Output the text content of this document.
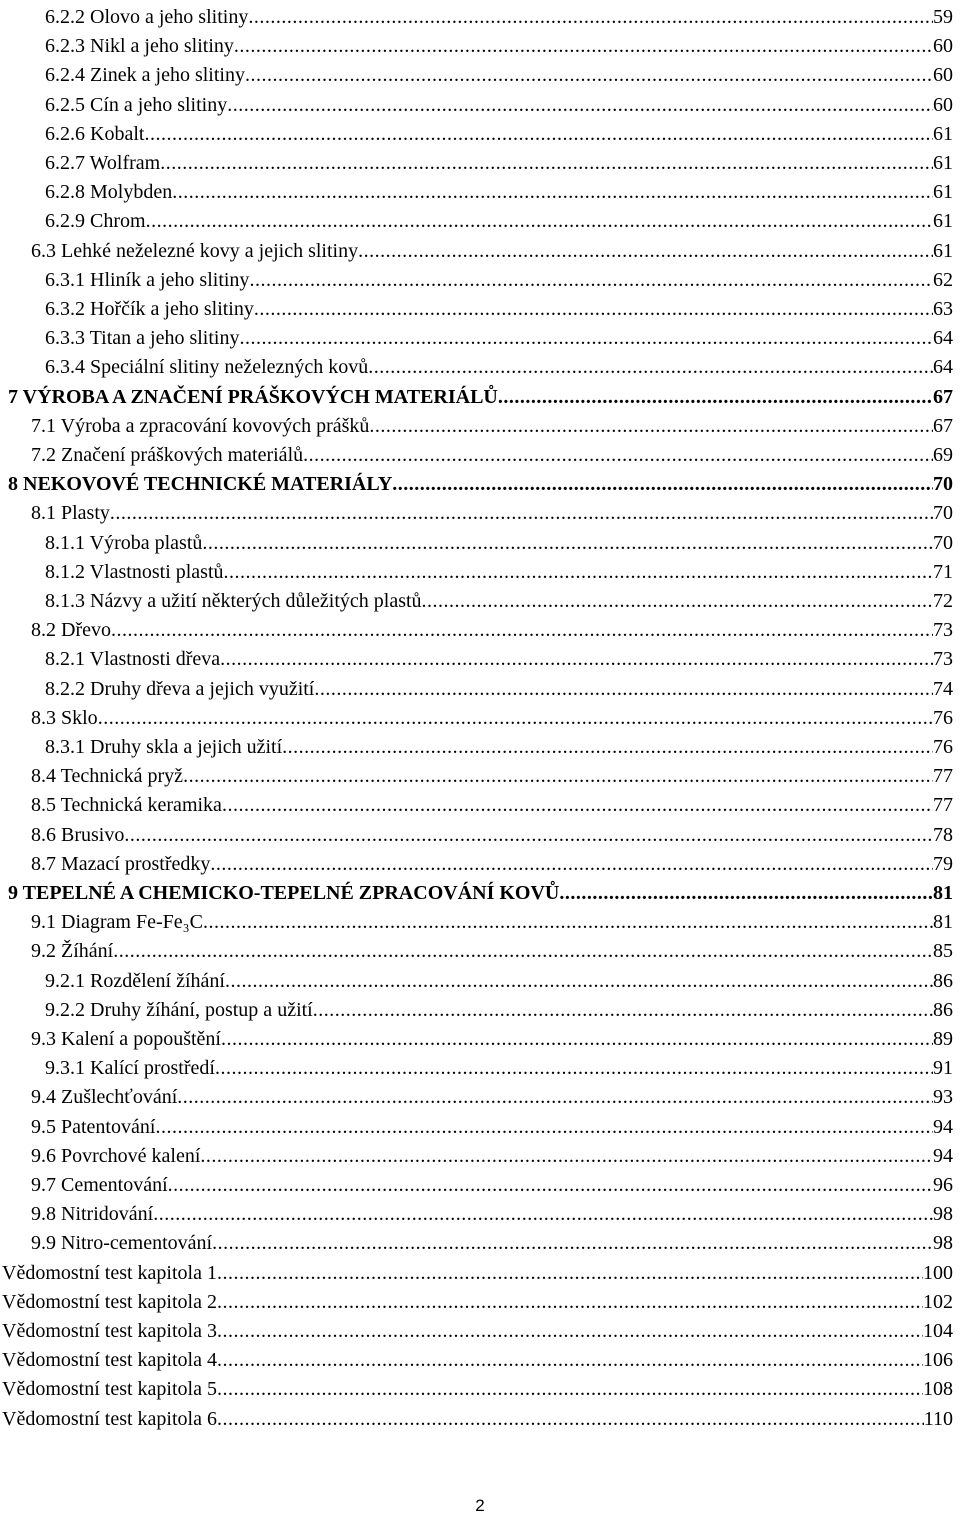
6.2.2 Olovo a jeho slitiny .....	59
6.2.3 Nikl a jeho slitiny .....	60
6.2.4 Zinek a jeho slitiny .....	60
6.2.5 Cín a jeho slitiny .....	60
6.2.6 Kobalt .....	61
6.2.7 Wolfram .....	61
6.2.8 Molybden .....	61
6.2.9 Chrom .....	61
6.3 Lehké neželezné kovy a jejich slitiny .....	61
6.3.1 Hliník a jeho slitiny .....	62
6.3.2 Hořčík a jeho slitiny .....	63
6.3.3 Titan a jeho slitiny .....	64
6.3.4 Speciální slitiny neželezných kovů .....	64
7 VÝROBA A ZNAČENÍ PRÁŠKOVÝCH MATERIÁLŮ .....	67
7.1 Výroba a zpracování kovových prášků .....	67
7.2 Značení práškových materiálů .....	69
8 NEKOVOVÉ TECHNICKÉ MATERIÁLY .....	70
8.1 Plasty .....	70
8.1.1 Výroba plastů .....	70
8.1.2 Vlastnosti plastů .....	71
8.1.3 Názvy a užití některých důležitých plastů .....	72
8.2 Dřevo .....	73
8.2.1 Vlastnosti dřeva .....	73
8.2.2 Druhy dřeva a jejich využití .....	74
8.3 Sklo .....	76
8.3.1 Druhy skla a jejich užití .....	76
8.4 Technická pryž .....	77
8.5 Technická keramika .....	77
8.6 Brusivo .....	78
8.7 Mazací prostředky .....	79
9 TEPELNÉ A CHEMICKO-TEPELNÉ ZPRACOVÁNÍ KOVŮ .....	81
9.1 Diagram Fe-Fe₃C .....	81
9.2 Žíhání .....	85
9.2.1 Rozdělení žíhání .....	86
9.2.2 Druhy žíhání, postup a užití .....	86
9.3 Kalení a popouštění .....	89
9.3.1 Kalící prostředí .....	91
9.4 Zušlechťování .....	93
9.5 Patentování .....	94
9.6 Povrchové kalení .....	94
9.7 Cementování .....	96
9.8 Nitridování .....	98
9.9 Nitro-cementování .....	98
Vědomostní test kapitola 1 .....	100
Vědomostní test kapitola 2 .....	102
Vědomostní test kapitola 3 .....	104
Vědomostní test kapitola 4 .....	106
Vědomostní test kapitola 5 .....	108
Vědomostní test kapitola 6 .....	110
2
